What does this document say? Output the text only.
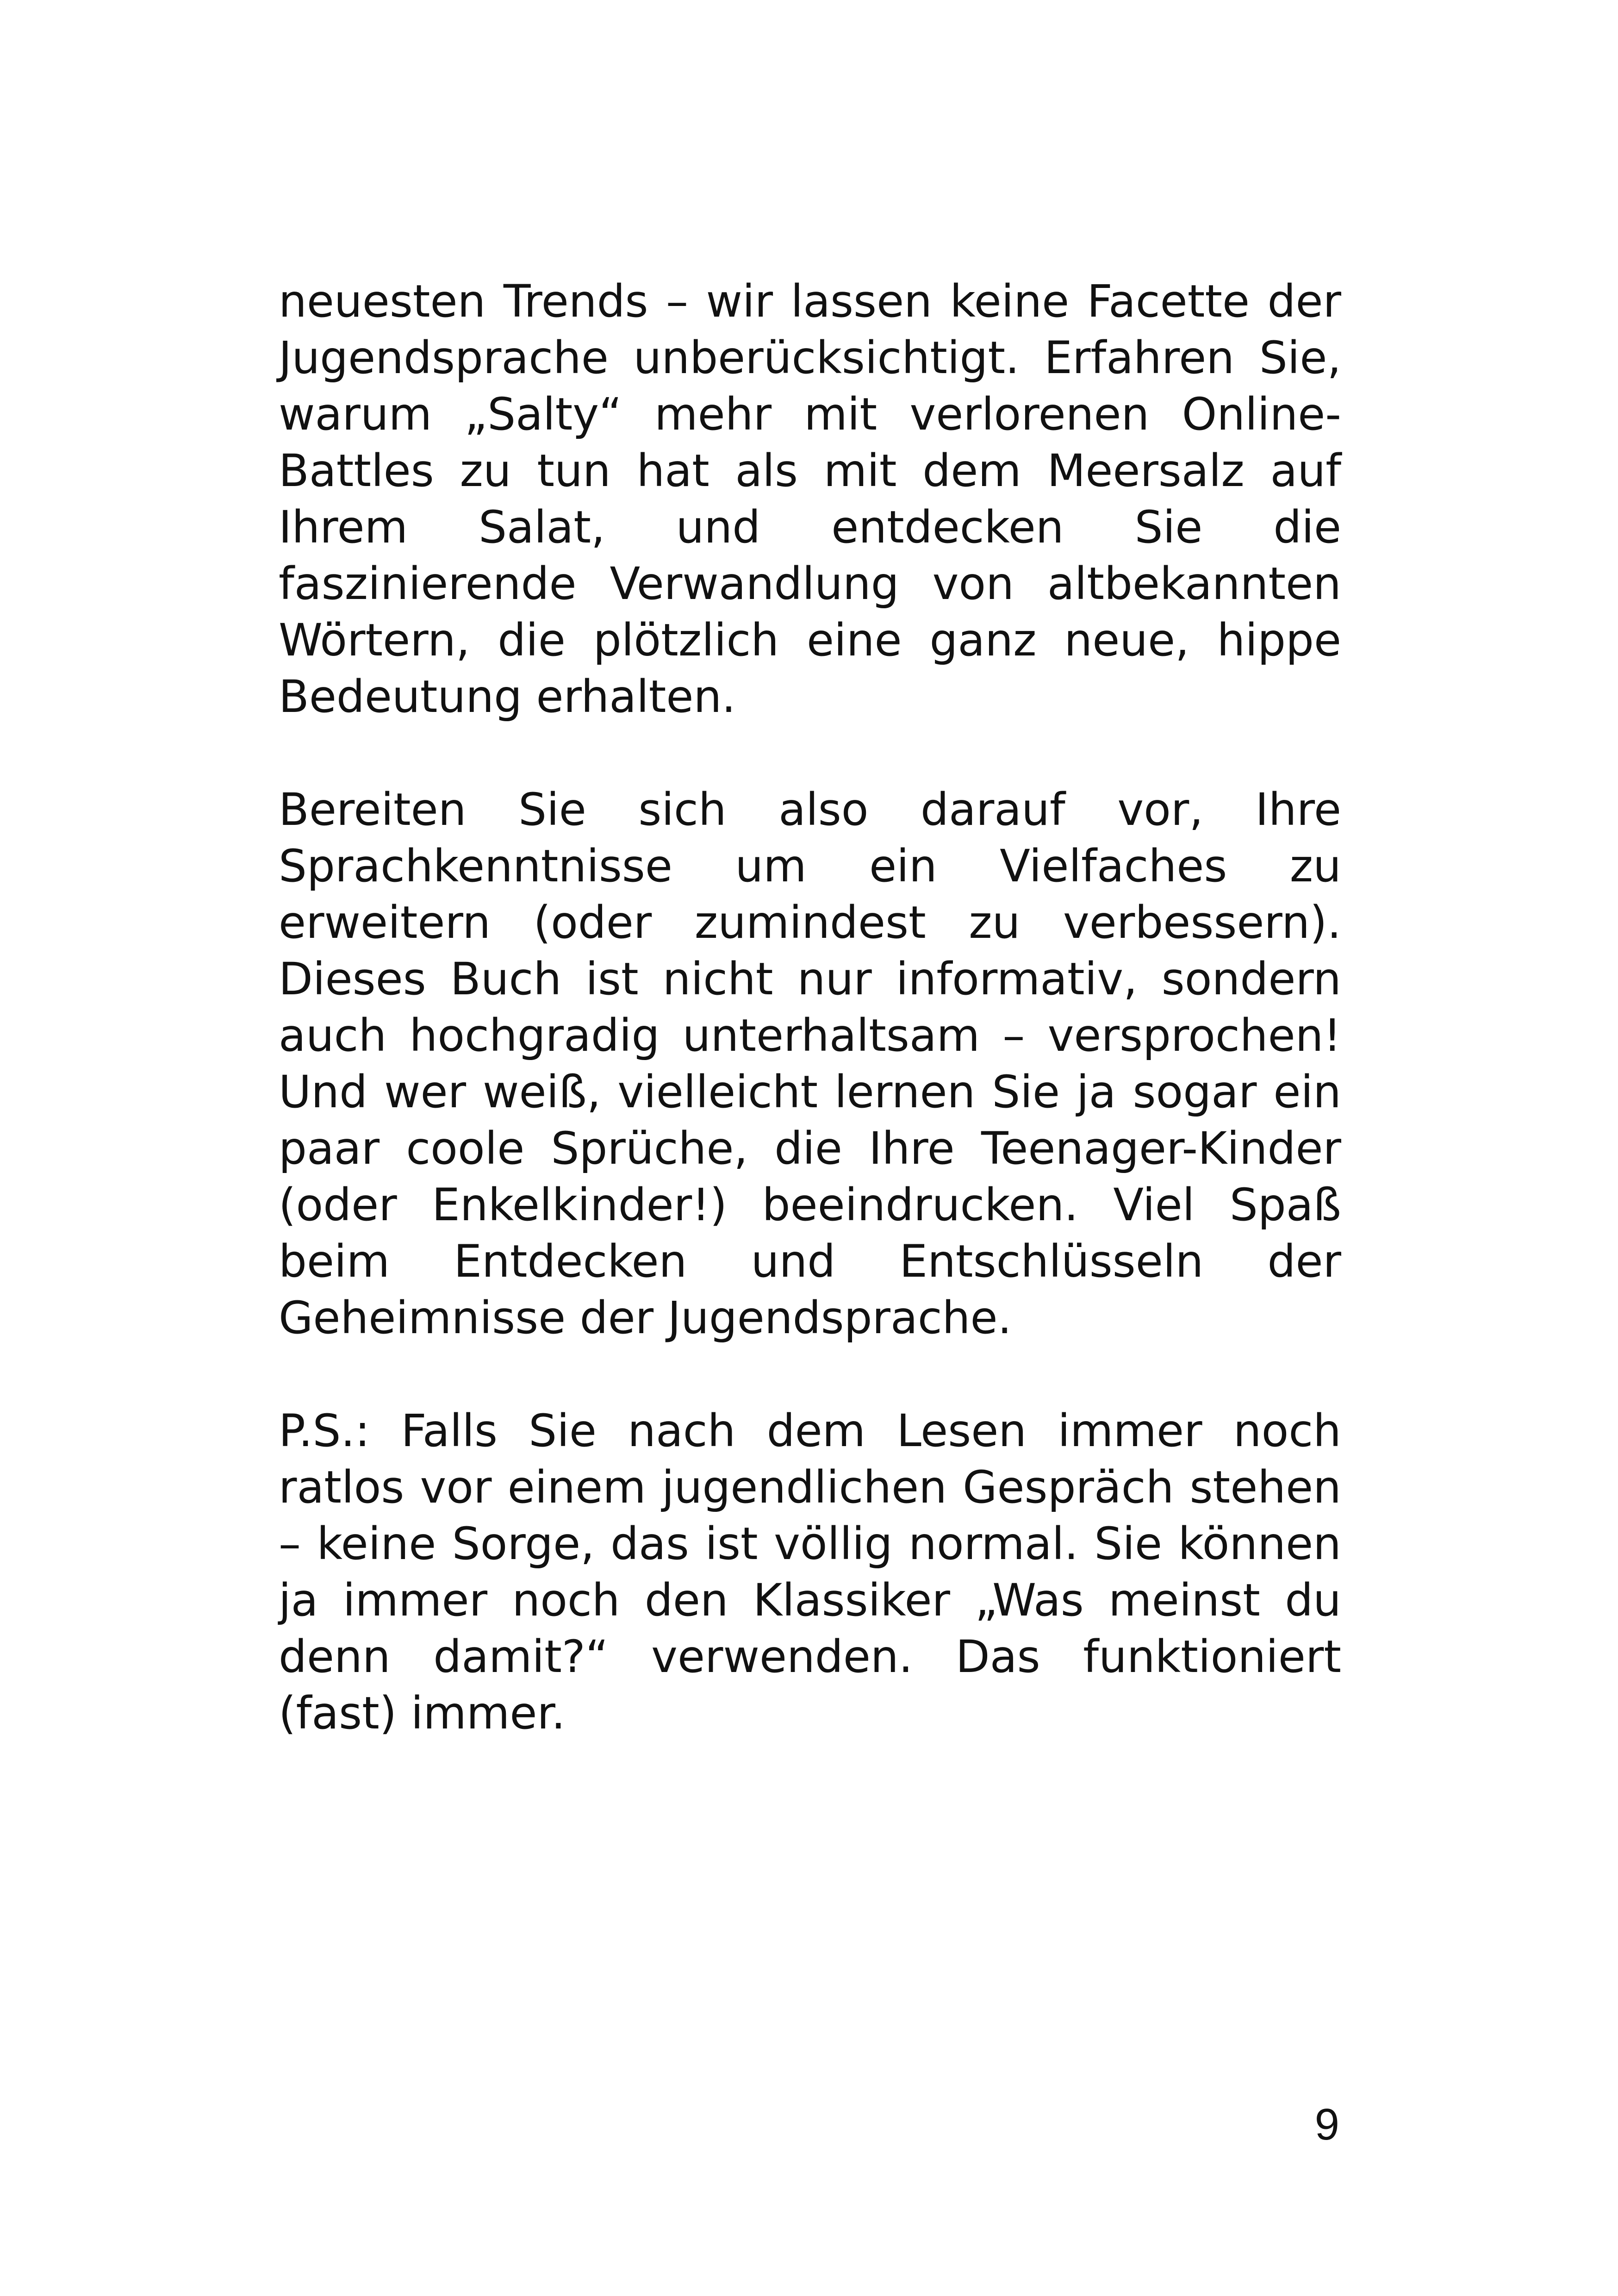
neuesten Trends – wir lassen keine Facette der Jugendsprache unberücksichtigt. Erfahren Sie, warum „Salty“ mehr mit verlorenen Online-Battles zu tun hat als mit dem Meersalz auf Ihrem Salat, und entdecken Sie die faszinierende Verwandlung von altbekannten Wörtern, die plötzlich eine ganz neue, hippe Bedeutung erhalten.

Bereiten Sie sich also darauf vor, Ihre Sprachkenntnisse um ein Vielfaches zu erweitern (oder zumindest zu verbessern). Dieses Buch ist nicht nur informativ, sondern auch hochgradig unterhaltsam – versprochen! Und wer weiß, vielleicht lernen Sie ja sogar ein paar coole Sprüche, die Ihre Teenager-Kinder (oder Enkelkinder!) beeindrucken. Viel Spaß beim Entdecken und Entschlüsseln der Geheimnisse der Jugendsprache.

P.S.: Falls Sie nach dem Lesen immer noch ratlos vor einem jugendlichen Gespräch stehen – keine Sorge, das ist völlig normal. Sie können ja immer noch den Klassiker „Was meinst du denn damit?“ verwenden. Das funktioniert (fast) immer.

9
